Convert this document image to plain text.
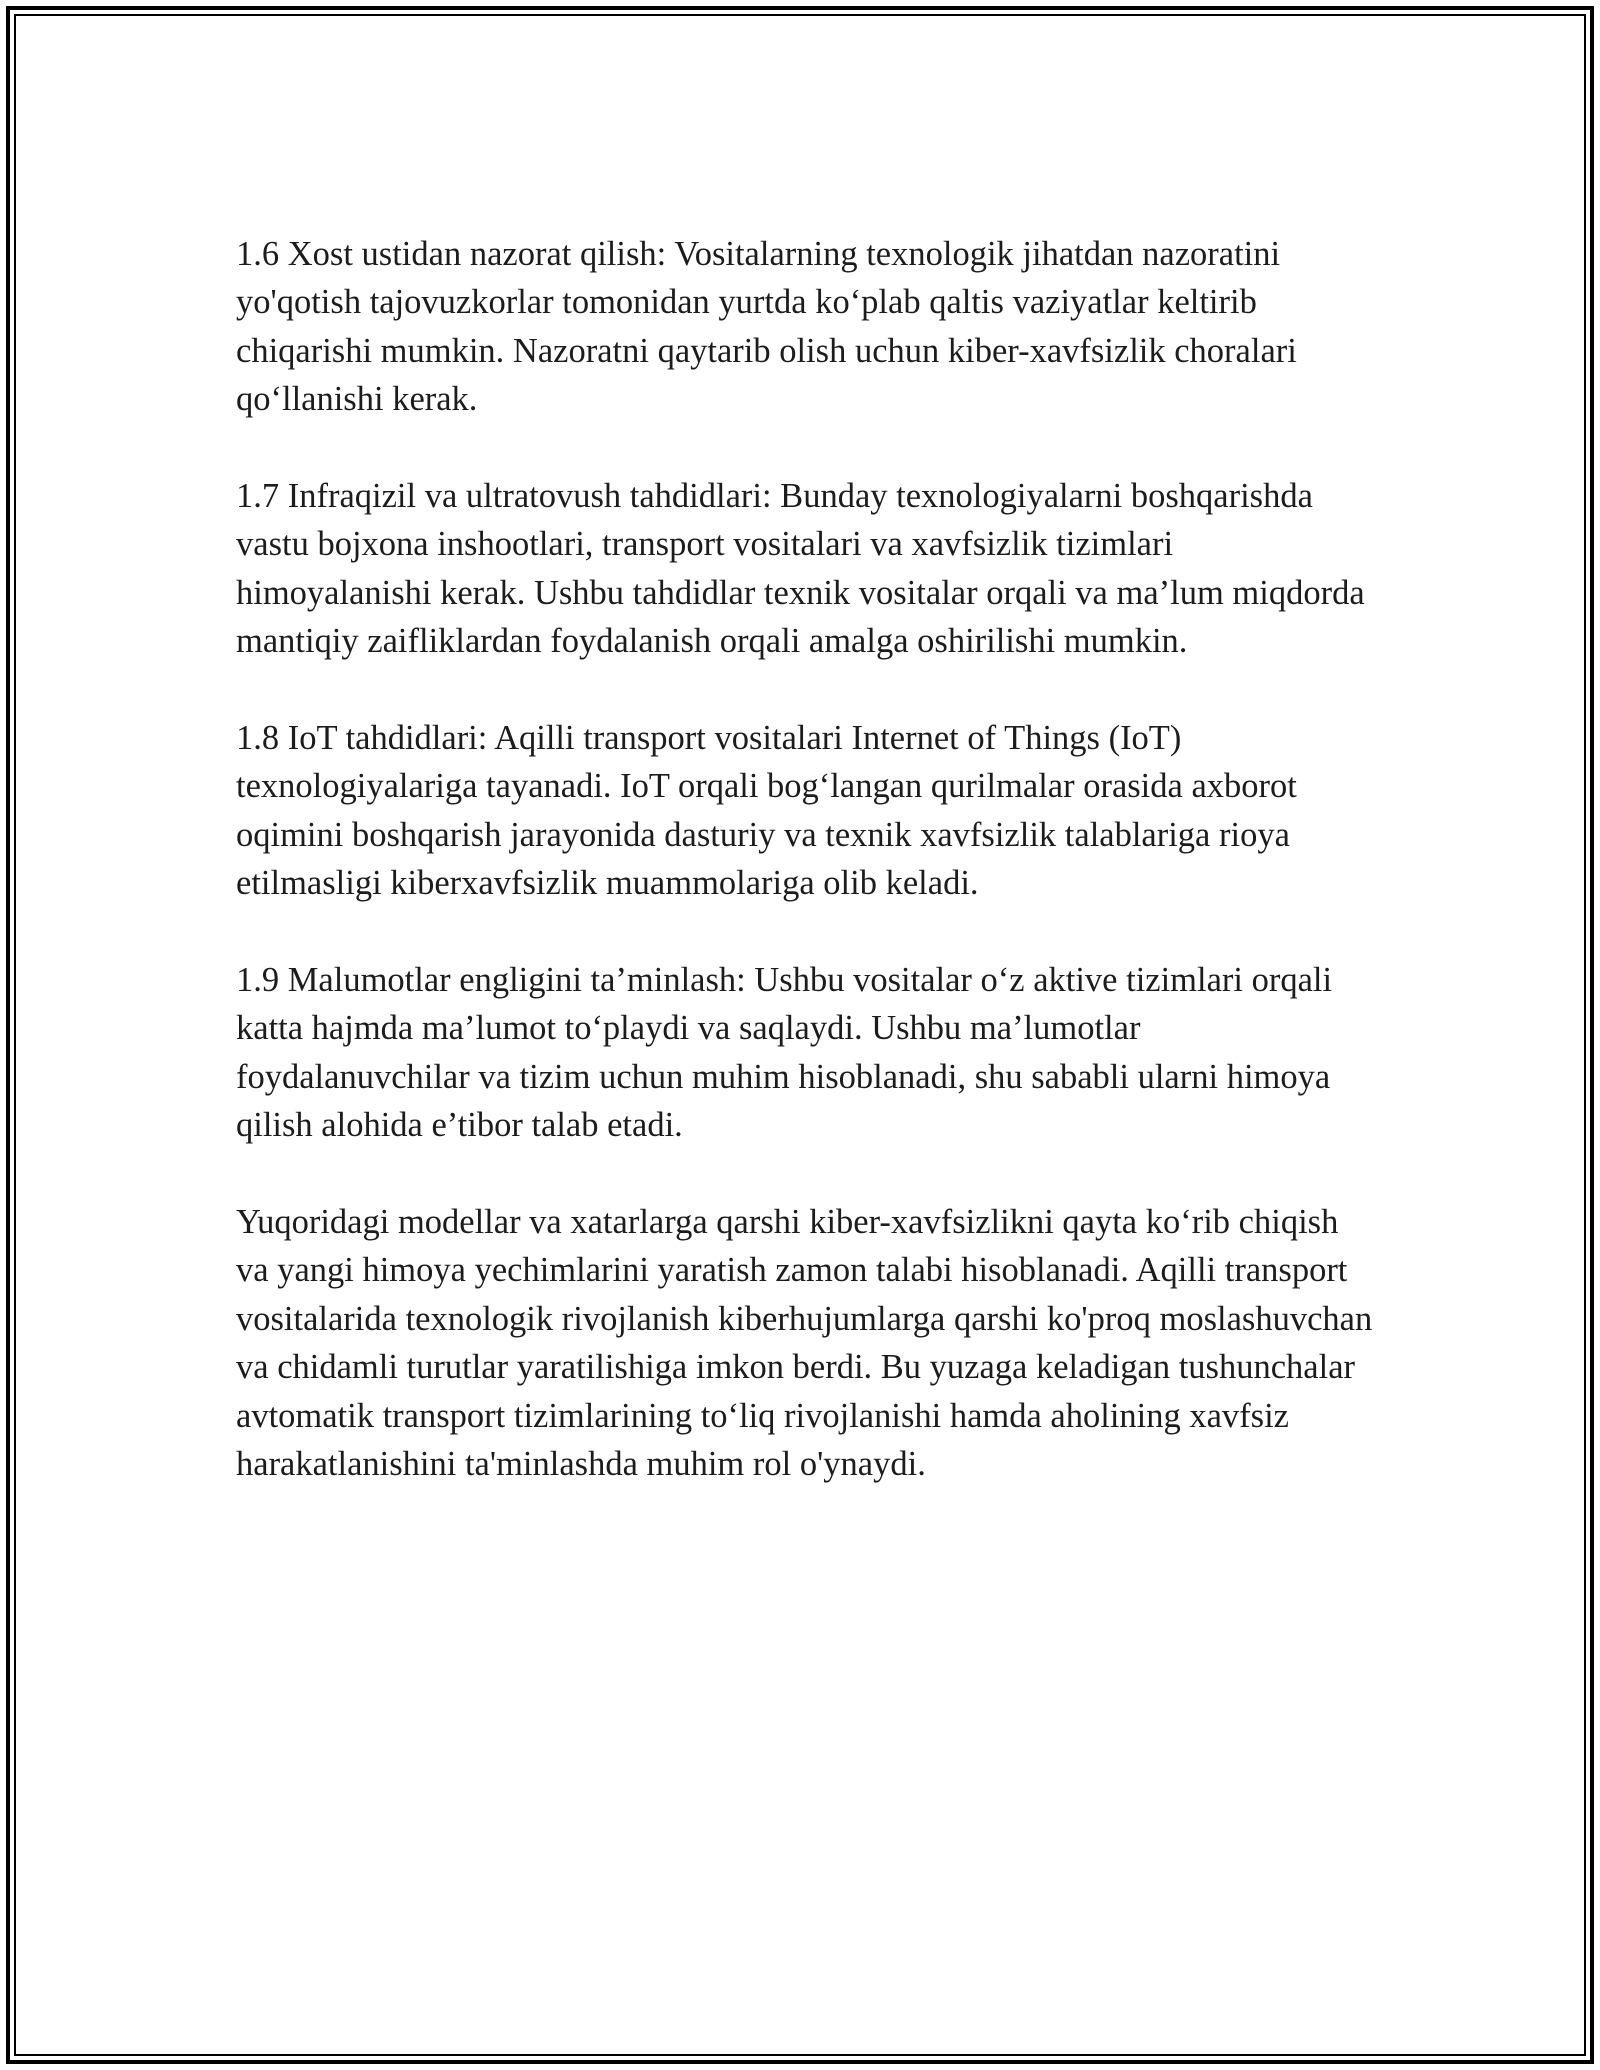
1.6 Xost ustidan nazorat qilish: Vositalarning texnologik jihatdan nazoratini yo'qotish tajovuzkorlar tomonidan yurtda ko‘plab qaltis vaziyatlar keltirib chiqarishi mumkin. Nazoratni qaytarib olish uchun kiber-xavfsizlik choralari qo‘llanishi kerak.

1.7 Infraqizil va ultratovush tahdidlari: Bunday texnologiyalarni boshqarishda vastu bojxona inshootlari, transport vositalari va xavfsizlik tizimlari himoyalanishi kerak. Ushbu tahdidlar texnik vositalar orqali va ma’lum miqdorda mantiqiy zaifliklardan foydalanish orqali amalga oshirilishi mumkin.

1.8 IoT tahdidlari: Aqilli transport vositalari Internet of Things (IoT) texnologiyalariga tayanadi. IoT orqali bog‘langan qurilmalar orasida axborot oqimini boshqarish jarayonida dasturiy va texnik xavfsizlik talablariga rioya etilmasligi kiberxavfsizlik muammolariga olib keladi.

1.9 Malumotlar engligini ta’minlash: Ushbu vositalar o‘z aktive tizimlari orqali katta hajmda ma’lumot to‘playdi va saqlaydi. Ushbu ma’lumotlar foydalanuvchilar va tizim uchun muhim hisoblanadi, shu sababli ularni himoya qilish alohida e’tibor talab etadi.

Yuqoridagi modellar va xatarlarga qarshi kiber-xavfsizlikni qayta ko‘rib chiqish va yangi himoya yechimlarini yaratish zamon talabi hisoblanadi. Aqilli transport vositalarida texnologik rivojlanish kiberhujumlarga qarshi ko'proq moslashuvchan va chidamli turutlar yaratilishiga imkon berdi. Bu yuzaga keladigan tushunchalar avtomatik transport tizimlarining to‘liq rivojlanishi hamda aholining xavfsiz harakatlanishini ta'minlashda muhim rol o'ynaydi.
